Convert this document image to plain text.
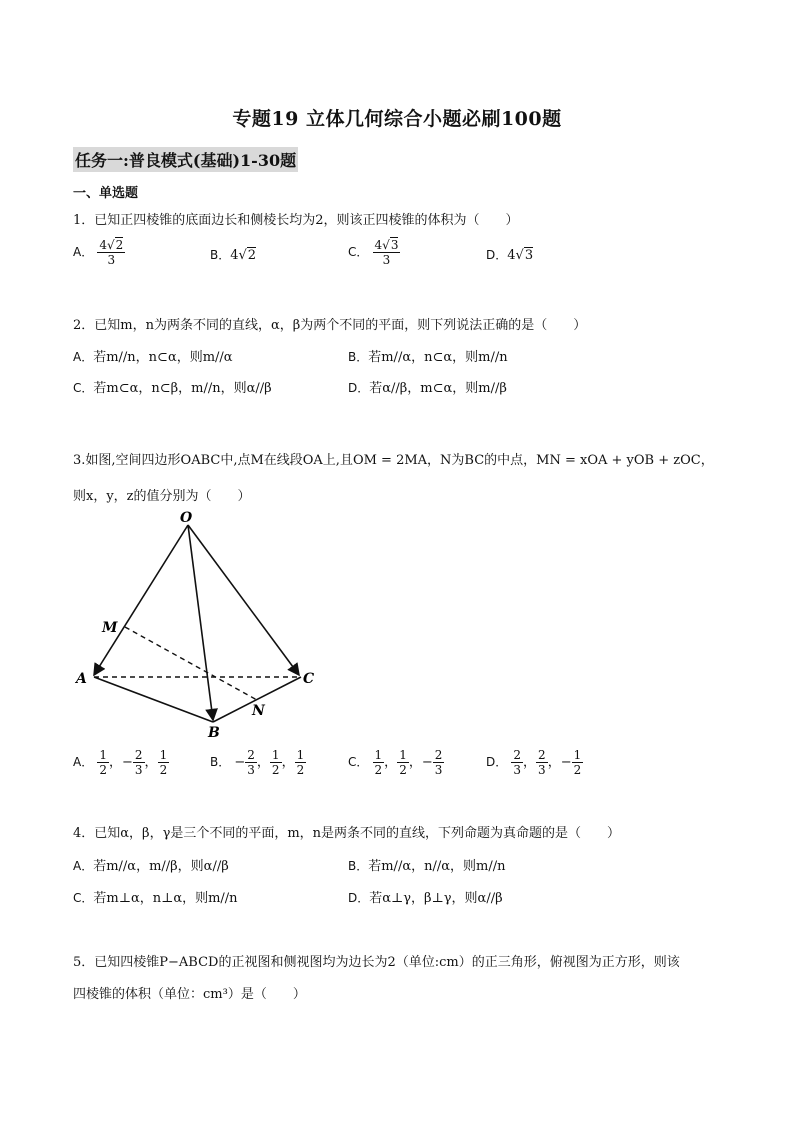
专题19 立体几何综合小题必刷100题
任务一:普良模式(基础)1-30题
一、单选题
1．已知正四棱锥的底面边长和侧棱长均为2，则该正四棱锥的体积为（　　）
A． $\frac{4√2}{3}$	B．4√2	C． $\frac{4√3}{3}$	D．4√3
2．已知m，n为两条不同的直线，α，β为两个不同的平面，则下列说法正确的是（　　）
A．若m//n，n⊂α，则m//α	B．若m//α，n⊂α，则m//n
C．若m⊂α，n⊂β，m//n，则α//β	D．若α//β，m⊂α，则m//β
3.如图,空间四边形OABC中,点M在线段OA上,且OM = 2MA，N为BC的中点，MN = xOA + yOB + zOC，
则x，y，z的值分别为（　　）
O
M
A	C
N
B
A． $\frac{1}{2}$ ，− $\frac{2}{3}$ ， $\frac{1}{2}$	B． − $\frac{2}{3}$ ， $\frac{1}{2}$ ， $\frac{1}{2}$	C． $\frac{1}{2}$ ， $\frac{1}{2}$ ，− $\frac{2}{3}$	D． $\frac{2}{3}$ ， $\frac{2}{3}$ ，− $\frac{1}{2}$
4．已知α，β，γ是三个不同的平面，m，n是两条不同的直线，下列命题为真命题的是（　　）
A．若m//α，m//β，则α//β	B．若m//α，n//α，则m//n
C．若m⊥α，n⊥α，则m//n	D．若α⊥γ，β⊥γ，则α//β
5．已知四棱锥P−ABCD的正视图和侧视图均为边长为2（单位:cm）的正三角形，俯视图为正方形，则该
四棱锥的体积（单位：cm³）是（　　）
